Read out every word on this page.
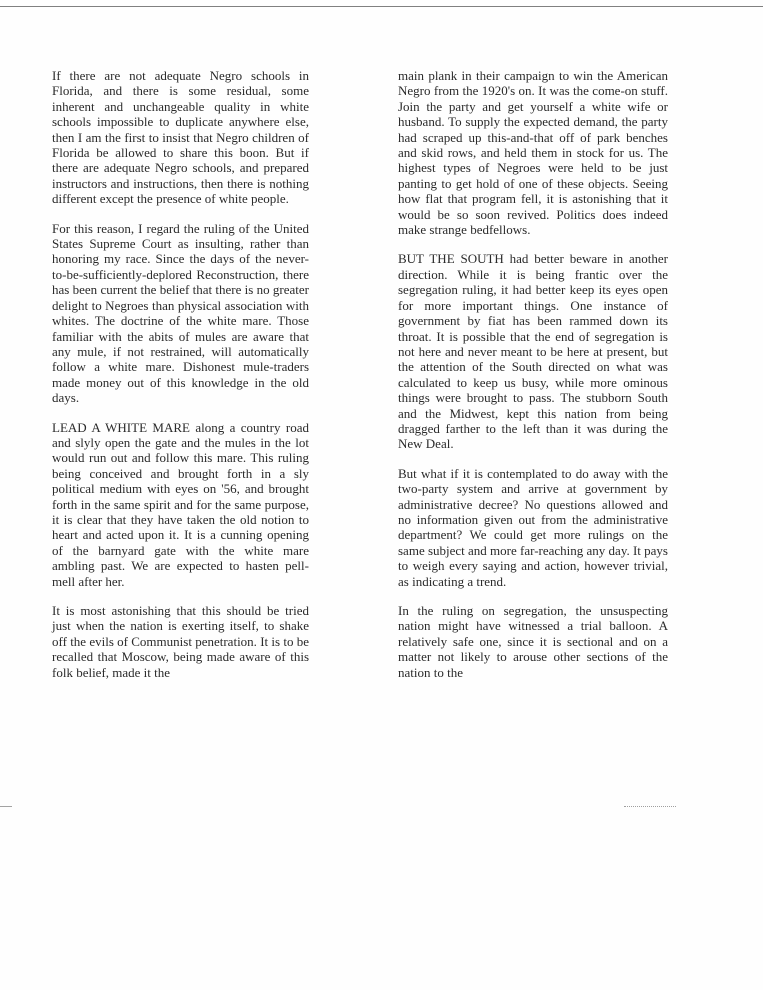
If there are not adequate Negro schools in Florida, and there is some residual, some inherent and unchangeable quality in white schools impossible to duplicate anywhere else, then I am the first to insist that Negro children of Florida be allowed to share this boon. But if there are adequate Negro schools, and prepared instructors and instructions, then there is nothing different except the presence of white people.

For this reason, I regard the ruling of the United States Supreme Court as insulting, rather than honoring my race. Since the days of the never-to-be-sufficiently-deplored Reconstruction, there has been current the belief that there is no greater delight to Negroes than physical association with whites. The doctrine of the white mare. Those familiar with the abits of mules are aware that any mule, if not restrained, will automatically follow a white mare. Dishonest mule-traders made money out of this knowledge in the old days.

LEAD A WHITE MARE along a country road and slyly open the gate and the mules in the lot would run out and follow this mare. This ruling being conceived and brought forth in a sly political medium with eyes on '56, and brought forth in the same spirit and for the same purpose, it is clear that they have taken the old notion to heart and acted upon it. It is a cunning opening of the barnyard gate with the white mare ambling past. We are expected to hasten pell-mell after her.

It is most astonishing that this should be tried just when the nation is exerting itself, to shake off the evils of Communist penetration. It is to be recalled that Moscow, being made aware of this folk belief, made it the

main plank in their campaign to win the American Negro from the 1920's on. It was the come-on stuff. Join the party and get yourself a white wife or husband. To supply the expected demand, the party had scraped up this-and-that off of park benches and skid rows, and held them in stock for us. The highest types of Negroes were held to be just panting to get hold of one of these objects. Seeing how flat that program fell, it is astonishing that it would be so soon revived. Politics does indeed make strange bedfellows.

BUT THE SOUTH had better beware in another direction. While it is being frantic over the segregation ruling, it had better keep its eyes open for more important things. One instance of government by fiat has been rammed down its throat. It is possible that the end of segregation is not here and never meant to be here at present, but the attention of the South directed on what was calculated to keep us busy, while more ominous things were brought to pass. The stubborn South and the Midwest, kept this nation from being dragged farther to the left than it was during the New Deal.

But what if it is contemplated to do away with the two-party system and arrive at government by administrative decree? No questions allowed and no information given out from the administrative department? We could get more rulings on the same subject and more far-reaching any day. It pays to weigh every saying and action, however trivial, as indicating a trend.

In the ruling on segregation, the unsuspecting nation might have witnessed a trial balloon. A relatively safe one, since it is sectional and on a matter not likely to arouse other sections of the nation to the
